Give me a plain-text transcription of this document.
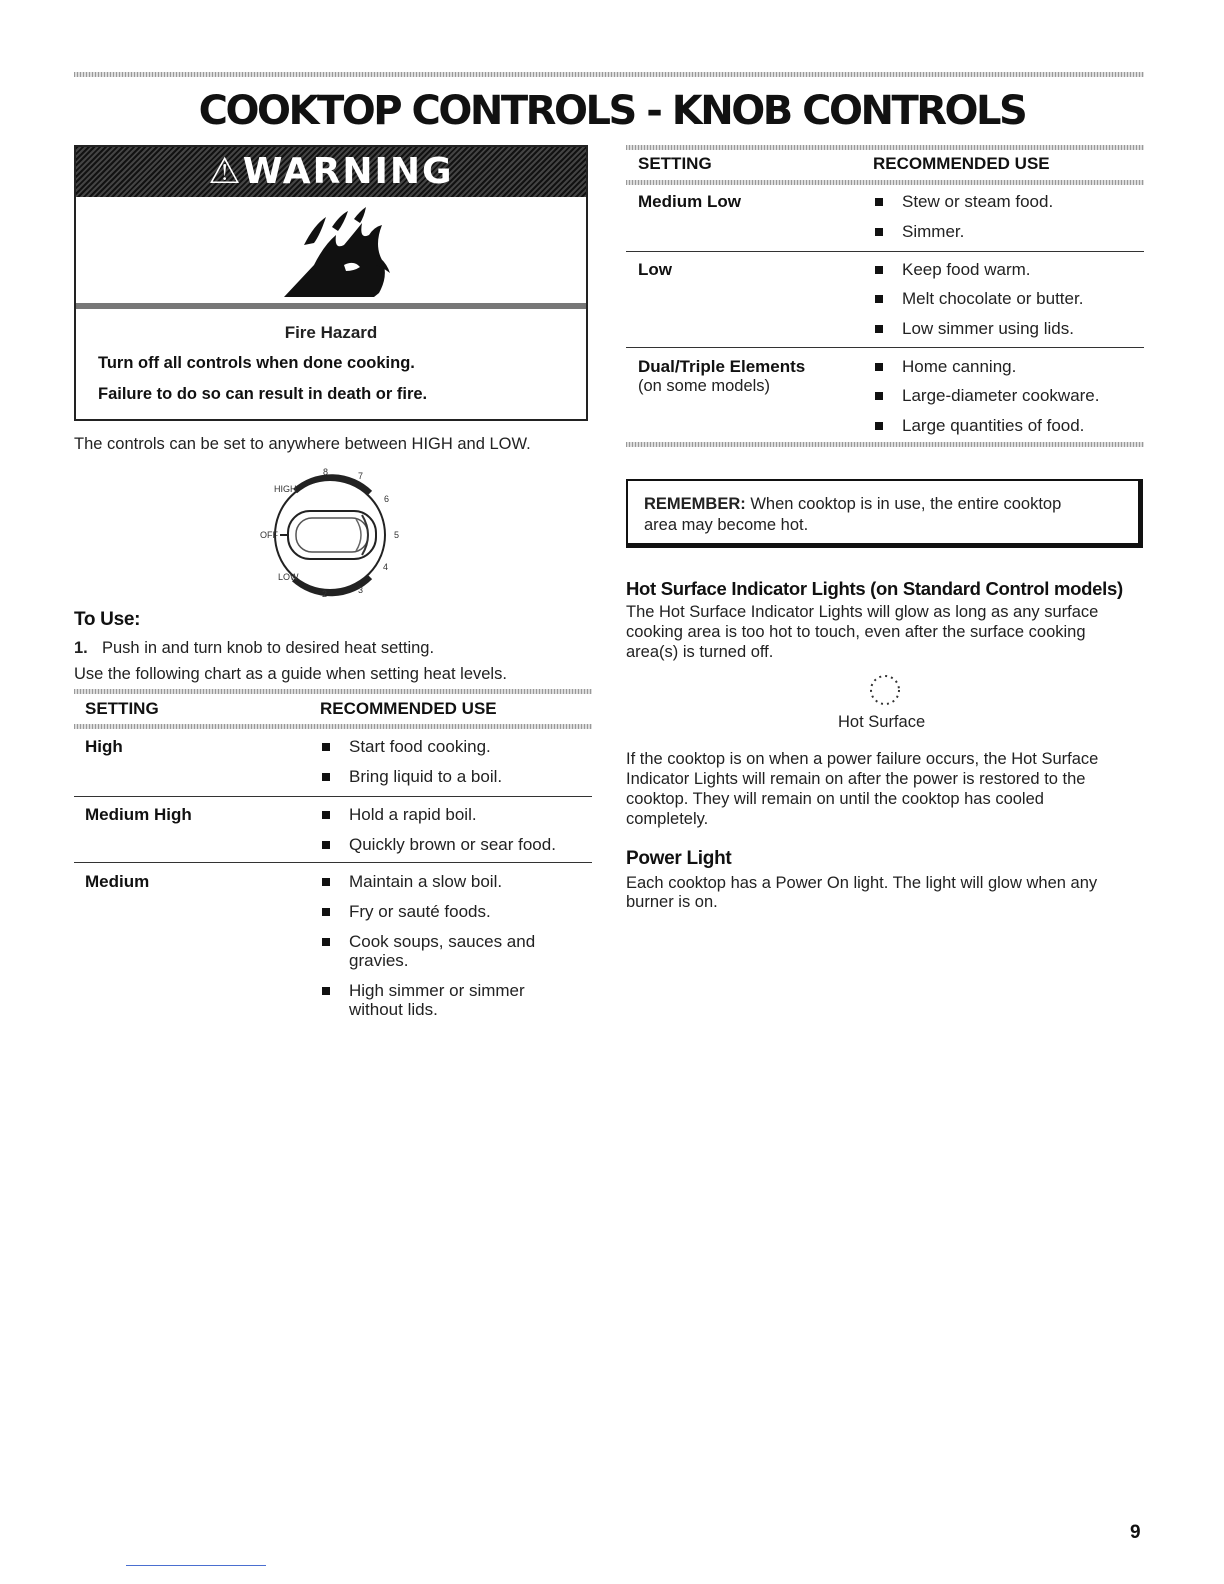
COOKTOP CONTROLS - KNOB CONTROLS
⚠WARNING
Fire Hazard
Turn off all controls when done cooking.
Failure to do so can result in death or fire.
The controls can be set to anywhere between HIGH and LOW.
HIGH
OFF
LOW
8	7
6
5
4
3
2
To Use:
1. Push in and turn knob to desired heat setting.
Use the following chart as a guide when setting heat levels.
SETTING	RECOMMENDED USE
High	Start food cooking.
Bring liquid to a boil.
Medium High	Hold a rapid boil.
Quickly brown or sear food.
Medium	Maintain a slow boil.
Fry or sauté foods.
Cook soups, sauces and
gravies.
High simmer or simmer
without lids.
SETTING	RECOMMENDED USE
Medium Low	Stew or steam food.
Simmer.
Low	Keep food warm.
Melt chocolate or butter.
Low simmer using lids.
Dual/Triple Elements
(on some models)
Home canning.
Large-diameter cookware.
Large quantities of food.
REMEMBER: When cooktop is in use, the entire cooktop
area may become hot.
Hot Surface Indicator Lights (on Standard Control models)
The Hot Surface Indicator Lights will glow as long as any surface
cooking area is too hot to touch, even after the surface cooking
area(s) is turned off.
Hot Surface
If the cooktop is on when a power failure occurs, the Hot Surface
Indicator Lights will remain on after the power is restored to the
cooktop. They will remain on until the cooktop has cooled
completely.
Power Light
Each cooktop has a Power On light. The light will glow when any
burner is on.
9
